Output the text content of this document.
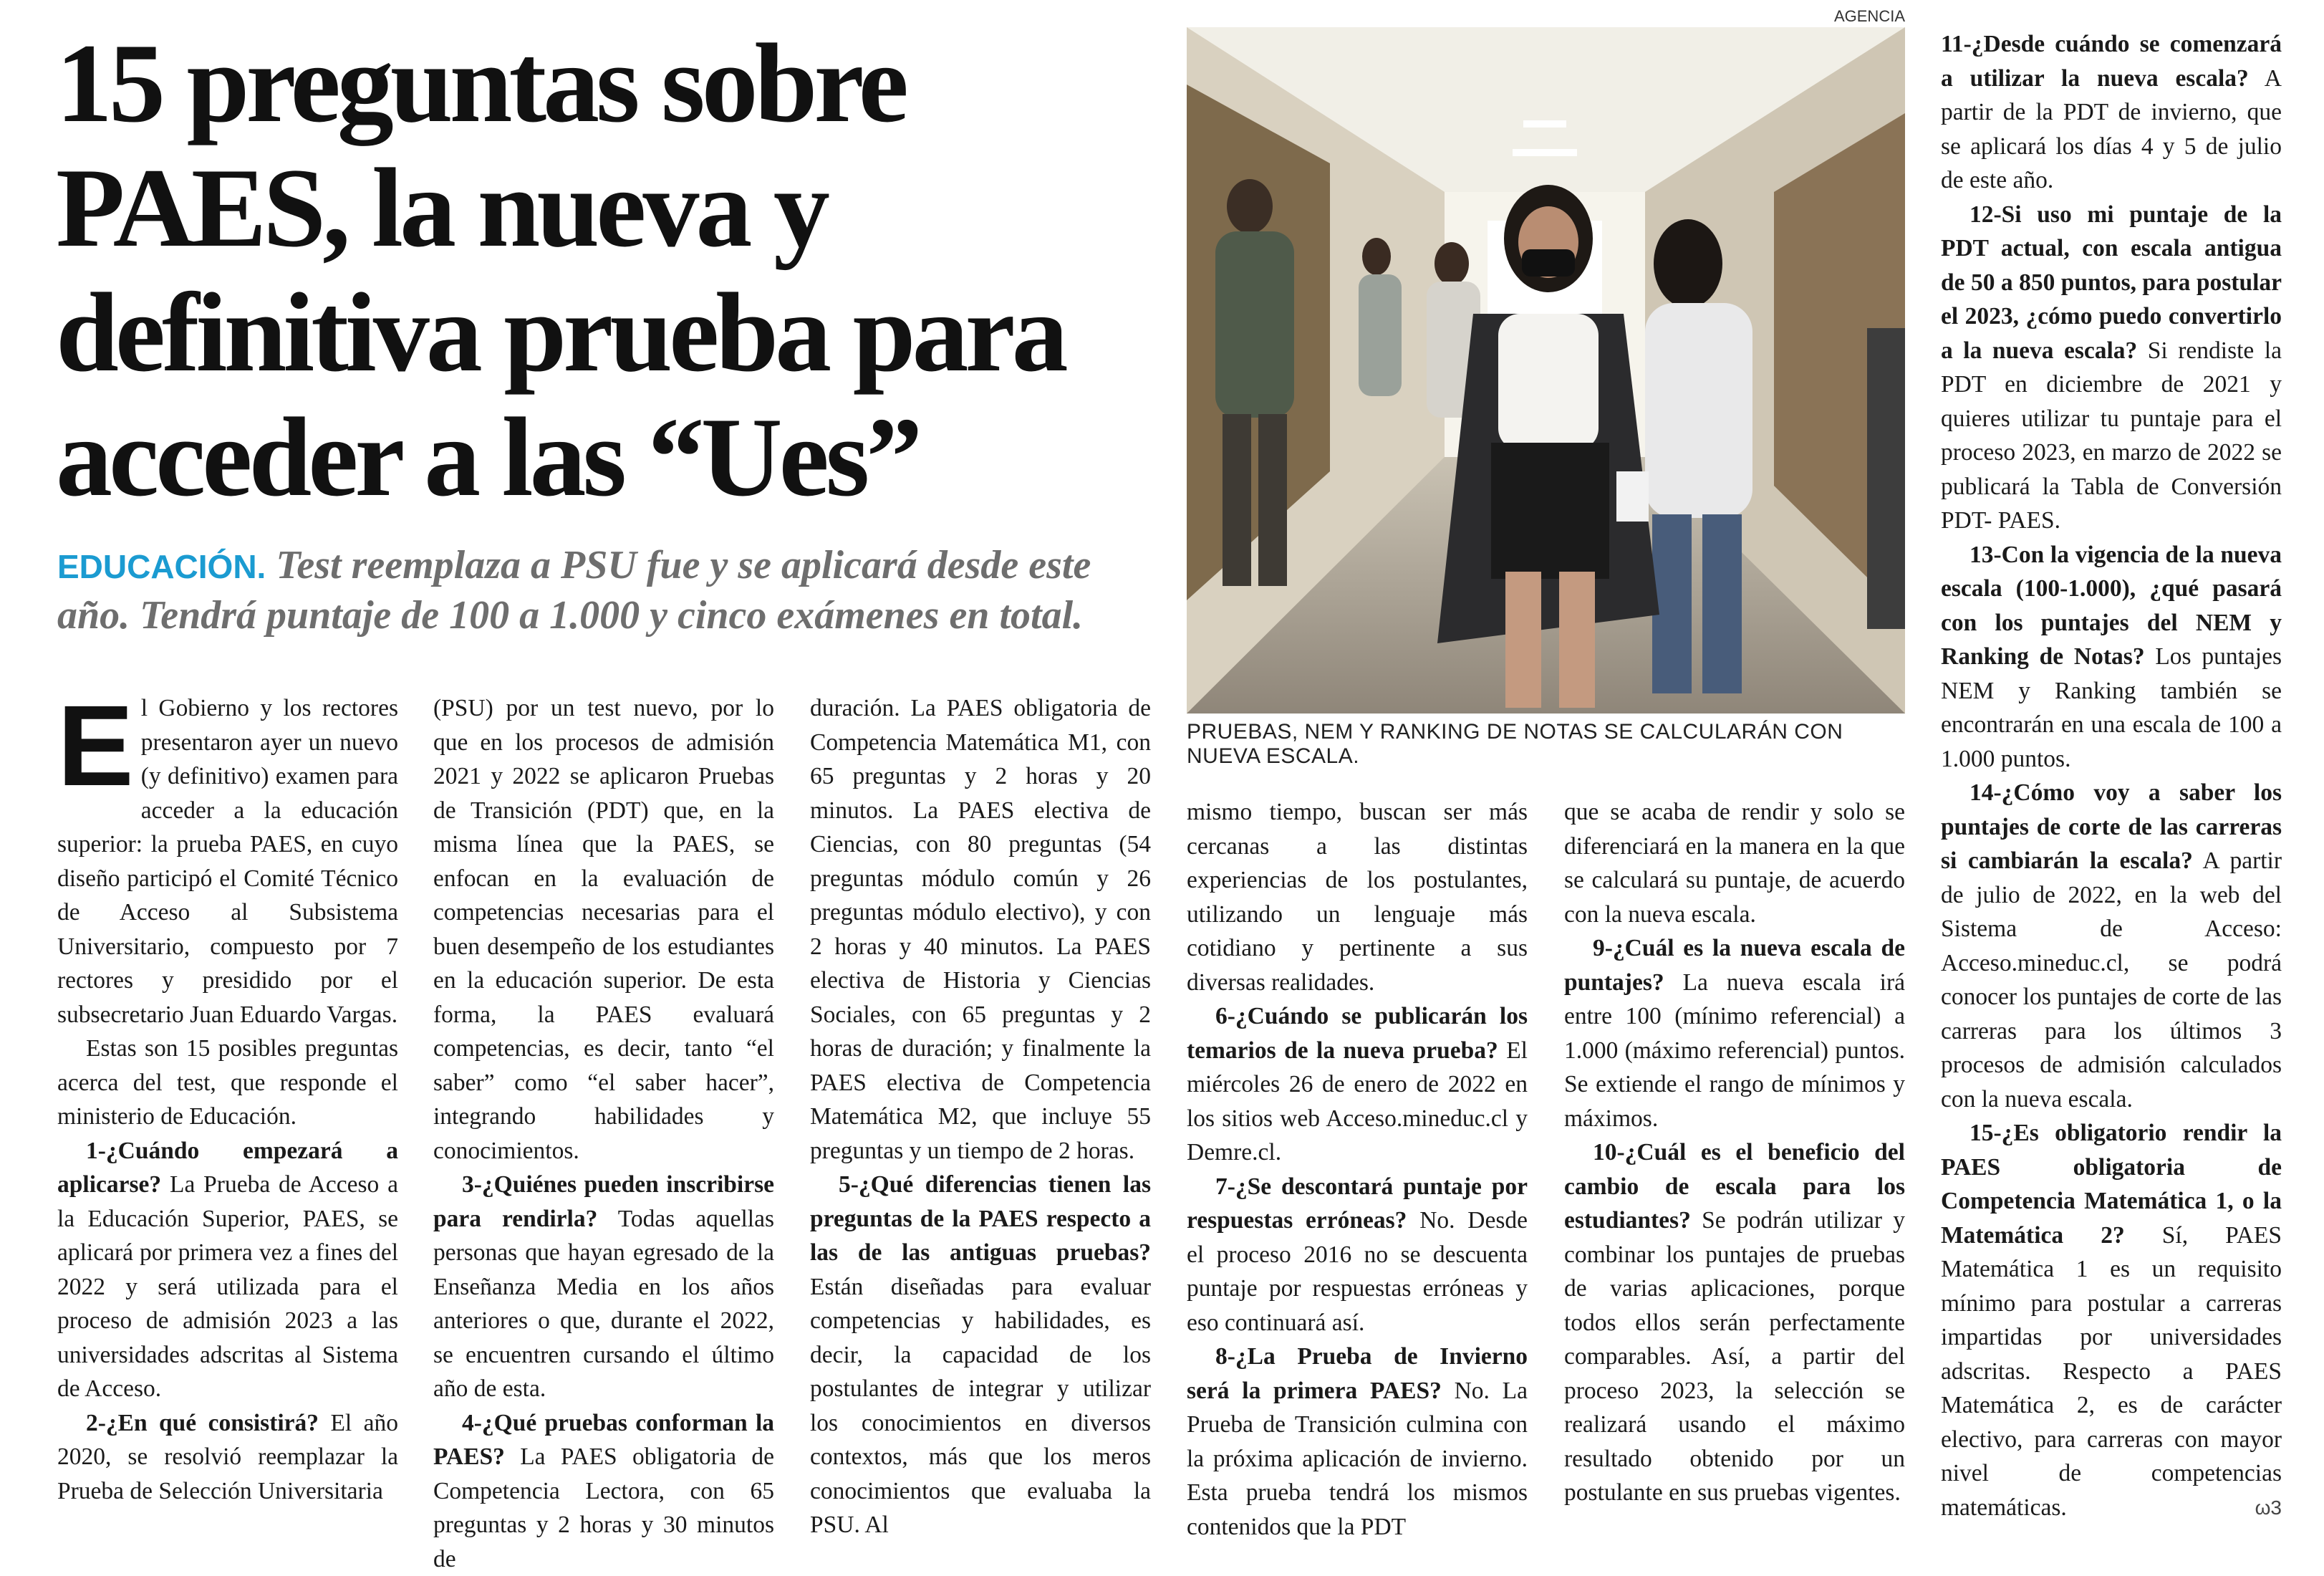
15 preguntas sobre PAES, la nueva y definitiva prueba para acceder a las “Ues”
EDUCACIÓN. Test reemplaza a PSU fue y se aplicará desde este año. Tendrá puntaje de 100 a 1.000 y cinco exámenes en total.
AGENCIA
PRUEBAS, NEM Y RANKING DE NOTAS SE CALCULARÁN CON NUEVA ESCALA.

El Gobierno y los rectores presentaron ayer un nuevo (y definitivo) examen para acceder a la educación superior: la prueba PAES, en cuyo diseño participó el Comité Técnico de Acceso al Subsistema Universitario, compuesto por 7 rectores y presidido por el subsecretario Juan Eduardo Vargas.

Estas son 15 posibles preguntas acerca del test, que responde el ministerio de Educación.

1-¿Cuándo empezará a aplicarse? La Prueba de Acceso a la Educación Superior, PAES, se aplicará por primera vez a fines del 2022 y será utilizada para el proceso de admisión 2023 a las universidades adscritas al Sistema de Acceso.

2-¿En qué consistirá? El año 2020, se resolvió reemplazar la Prueba de Selección Universitaria

(PSU) por un test nuevo, por lo que en los procesos de admisión 2021 y 2022 se aplicaron Pruebas de Transición (PDT) que, en la misma línea que la PAES, se enfocan en la evaluación de competencias necesarias para el buen desempeño de los estudiantes en la educación superior. De esta forma, la PAES evaluará competencias, es decir, tanto “el saber” como “el saber hacer”, integrando habilidades y conocimientos.

3-¿Quiénes pueden inscribirse para rendirla? Todas aquellas personas que hayan egresado de la Enseñanza Media en los años anteriores o que, durante el 2022, se encuentren cursando el último año de esta.

4-¿Qué pruebas conforman la PAES? La PAES obligatoria de Competencia Lectora, con 65 preguntas y 2 horas y 30 minutos de

duración. La PAES obligatoria de Competencia Matemática M1, con 65 preguntas y 2 horas y 20 minutos. La PAES electiva de Ciencias, con 80 preguntas (54 preguntas módulo común y 26 preguntas módulo electivo), y con 2 horas y 40 minutos. La PAES electiva de Historia y Ciencias Sociales, con 65 preguntas y 2 horas de duración; y finalmente la PAES electiva de Competencia Matemática M2, que incluye 55 preguntas y un tiempo de 2 horas.

5-¿Qué diferencias tienen las preguntas de la PAES respecto a las de las antiguas pruebas? Están diseñadas para evaluar competencias y habilidades, es decir, la capacidad de los postulantes de integrar y utilizar los conocimientos en diversos contextos, más que los meros conocimientos que evaluaba la PSU. Al

mismo tiempo, buscan ser más cercanas a las distintas experiencias de los postulantes, utilizando un lenguaje más cotidiano y pertinente a sus diversas realidades.

6-¿Cuándo se publicarán los temarios de la nueva prueba? El miércoles 26 de enero de 2022 en los sitios web Acceso.mineduc.cl y Demre.cl.

7-¿Se descontará puntaje por respuestas erróneas? No. Desde el proceso 2016 no se descuenta puntaje por respuestas erróneas y eso continuará así.

8-¿La Prueba de Invierno será la primera PAES? No. La Prueba de Transición culmina con la próxima aplicación de invierno. Esta prueba tendrá los mismos contenidos que la PDT

que se acaba de rendir y solo se diferenciará en la manera en la que se calculará su puntaje, de acuerdo con la nueva escala.

9-¿Cuál es la nueva escala de puntajes? La nueva escala irá entre 100 (mínimo referencial) a 1.000 (máximo referencial) puntos. Se extiende el rango de mínimos y máximos.

10-¿Cuál es el beneficio del cambio de escala para los estudiantes? Se podrán utilizar y combinar los puntajes de pruebas de varias aplicaciones, porque todos ellos serán perfectamente comparables. Así, a partir del proceso 2023, la selección se realizará usando el máximo resultado obtenido por un postulante en sus pruebas vigentes.

11-¿Desde cuándo se comenzará a utilizar la nueva escala? A partir de la PDT de invierno, que se aplicará los días 4 y 5 de julio de este año.

12-Si uso mi puntaje de la PDT actual, con escala antigua de 50 a 850 puntos, para postular el 2023, ¿cómo puedo convertirlo a la nueva escala? Si rendiste la PDT en diciembre de 2021 y quieres utilizar tu puntaje para el proceso 2023, en marzo de 2022 se publicará la Tabla de Conversión PDT- PAES.

13-Con la vigencia de la nueva escala (100-1.000), ¿qué pasará con los puntajes del NEM y Ranking de Notas? Los puntajes NEM y Ranking también se encontrarán en una escala de 100 a 1.000 puntos.

14-¿Cómo voy a saber los puntajes de corte de las carreras si cambiarán la escala? A partir de julio de 2022, en la web del Sistema de Acceso: Acceso.mineduc.cl, se podrá conocer los puntajes de corte de las carreras para los últimos 3 procesos de admisión calculados con la nueva escala.

15-¿Es obligatorio rendir la PAES obligatoria de Competencia Matemática 1, o la Matemática 2? Sí, PAES Matemática 1 es un requisito mínimo para postular a carreras impartidas por universidades adscritas. Respecto a PAES Matemática 2, es de carácter electivo, para carreras con mayor nivel de competencias matemáticas.	ω3
